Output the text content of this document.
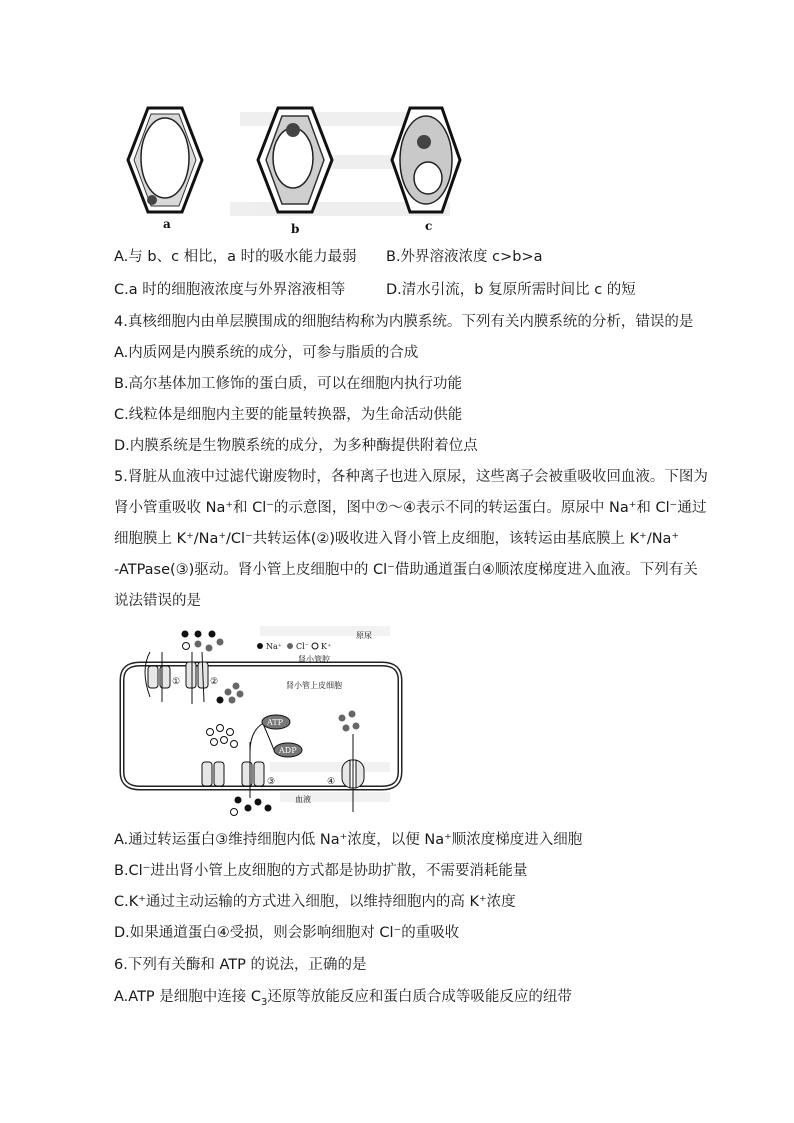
a	b	c
A.与 b、c 相比，a 时的吸水能力最弱 B.外界溶液浓度 c>b>a
C.a 时的细胞液浓度与外界溶液相等	D.清水引流，b 复原所需时间比 c 的短
4.真核细胞内由单层膜围成的细胞结构称为内膜系统。下列有关内膜系统的分析，错误的是
A.内质网是内膜系统的成分，可参与脂质的合成
B.高尔基体加工修饰的蛋白质，可以在细胞内执行功能
C.线粒体是细胞内主要的能量转换器，为生命活动供能
D.内膜系统是生物膜系统的成分，为多种酶提供附着位点
5.肾脏从血液中过滤代谢废物时，各种离子也进入原尿，这些离子会被重吸收回血液。下图为
肾小管重吸收 Na⁺和 Cl⁻的示意图，图中⑦～④表示不同的转运蛋白。原尿中 Na⁺和 Cl⁻通过
细胞膜上 K⁺/Na⁺/Cl⁻共转运体(②)吸收进入肾小管上皮细胞，该转运由基底膜上 K⁺/Na⁺
-ATPase(③)驱动。肾小管上皮细胞中的 Cl⁻借助通道蛋白④顺浓度梯度进入血液。下列有关
说法错误的是
Na⁺ Cl⁻ K⁺
原尿
肾小管腔
肾小管上皮细胞
血液
①	②
ATP
ADP
③	④
A.通过转运蛋白③维持细胞内低 Na⁺浓度，以便 Na⁺顺浓度梯度进入细胞
B.Cl⁻进出肾小管上皮细胞的方式都是协助扩散，不需要消耗能量
C.K⁺通过主动运输的方式进入细胞，以维持细胞内的高 K⁺浓度
D.如果通道蛋白④受损，则会影响细胞对 Cl⁻的重吸收
6.下列有关酶和 ATP 的说法，正确的是
A.ATP 是细胞中连接 $C_3$还原等放能反应和蛋白质合成等吸能反应的纽带
